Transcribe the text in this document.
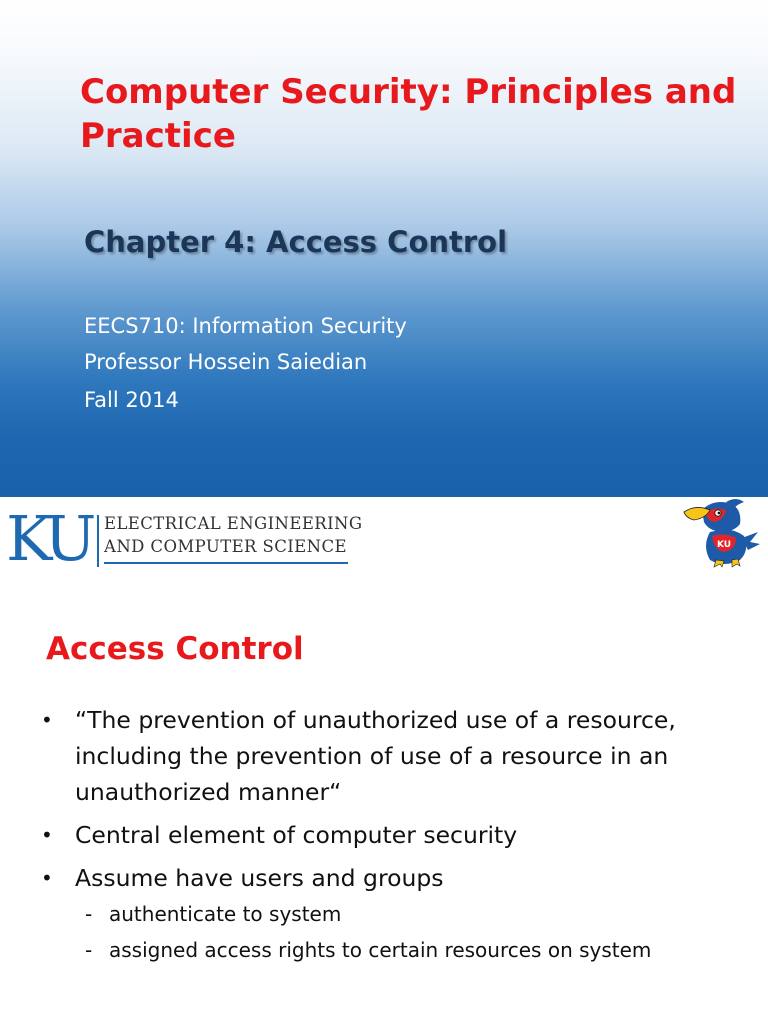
Computer Security: Principles and Practice
Chapter 4: Access Control

EECS710: Information Security

Professor Hossein Saiedian

Fall 2014

KU ELECTRICAL ENGINEERING
AND COMPUTER SCIENCE	KU
Access Control
• “The prevention of unauthorized use of a resource, including the prevention of use of a resource in an unauthorized manner“
• Central element of computer security
• Assume have users and groups
- authenticate to system
- assigned access rights to certain resources on system
